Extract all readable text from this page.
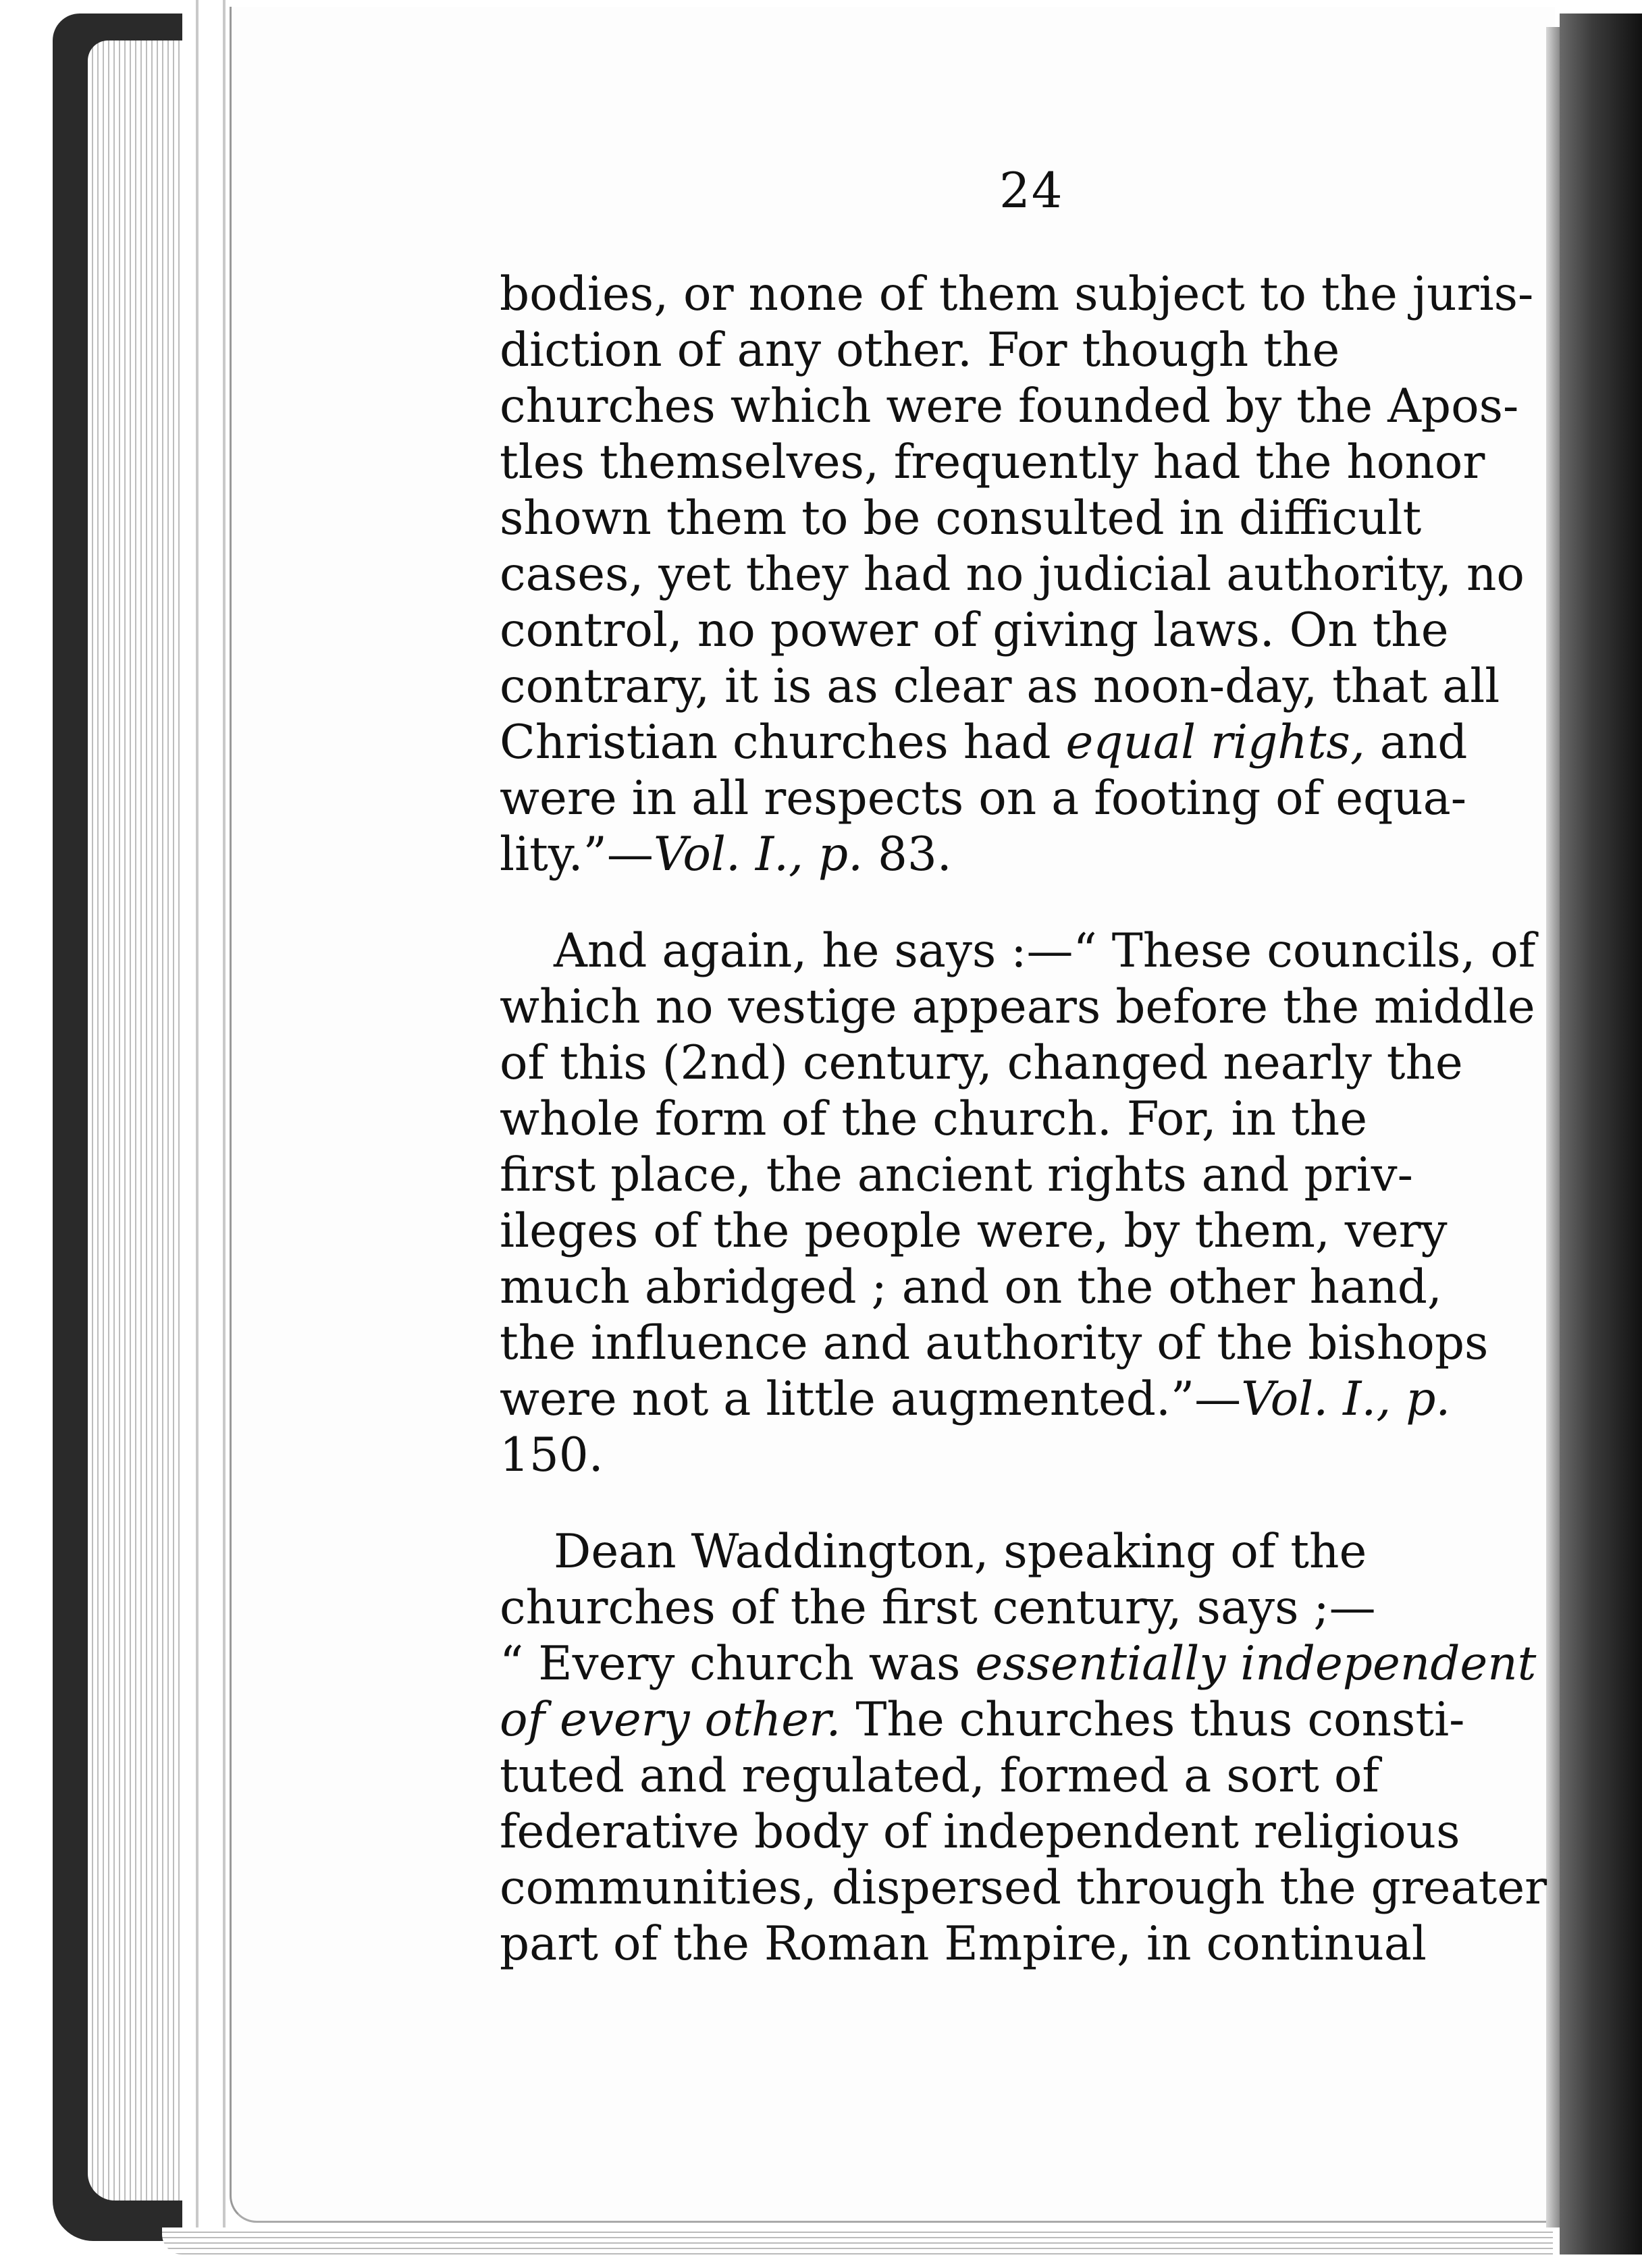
24
bodies, or none of them subject to the juris-
diction of any other. For though the
churches which were founded by the Apos-
tles themselves, frequently had the honor
shown them to be consulted in difficult
cases, yet they had no judicial authority, no
control, no power of giving laws. On the
contrary, it is as clear as noon-day, that all
Christian churches had equal rights, and
were in all respects on a footing of equa-
lity.”—Vol. I., p. 83.
And again, he says :—“ These councils, of
which no vestige appears before the middle
of this (2nd) century, changed nearly the
whole form of the church. For, in the
first place, the ancient rights and priv-
ileges of the people were, by them, very
much abridged ; and on the other hand,
the influence and authority of the bishops
were not a little augmented.”—Vol. I., p.
150.
Dean Waddington, speaking of the
churches of the first century, says ;—
“ Every church was essentially independent
of every other. The churches thus consti-
tuted and regulated, formed a sort of
federative body of independent religious
communities, dispersed through the greater
part of the Roman Empire, in continual
